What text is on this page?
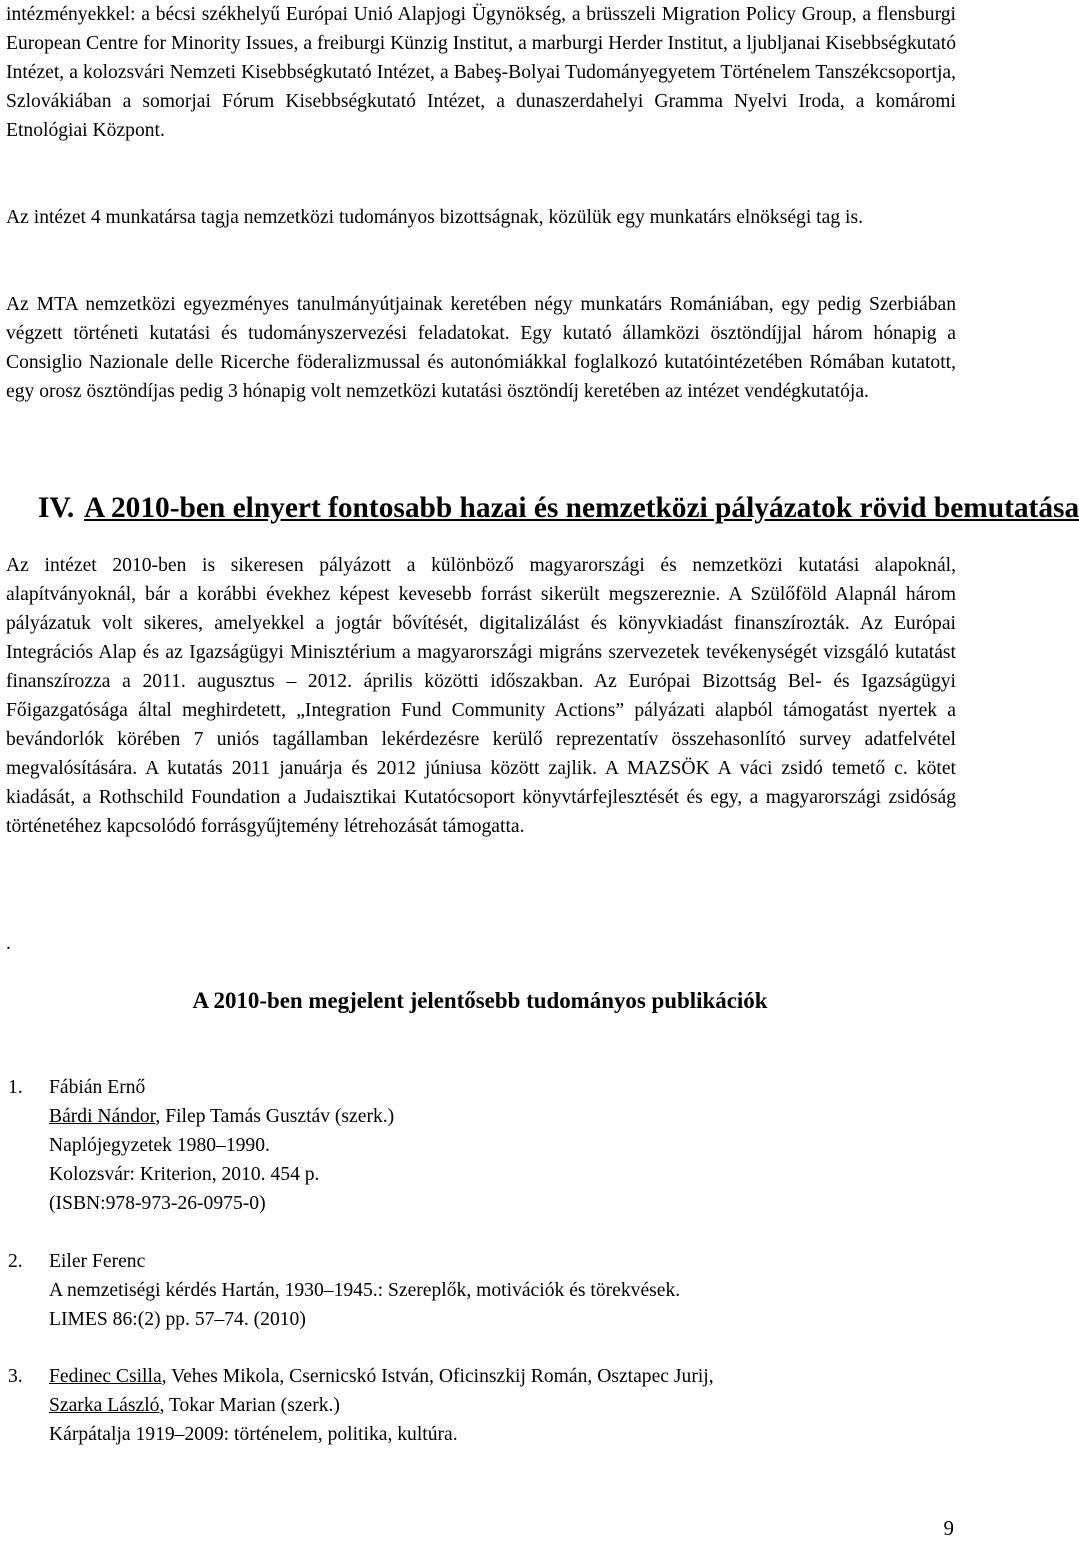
intézményekkel: a bécsi székhelyű Európai Unió Alapjogi Ügynökség, a brüsszeli Migration Policy Group, a flensburgi European Centre for Minority Issues, a freiburgi Künzig Institut, a marburgi Herder Institut, a ljubljanai Kisebbségkutató Intézet, a kolozsvári Nemzeti Kisebbségkutató Intézet, a Babeş-Bolyai Tudományegyetem Történelem Tanszékcsoportja, Szlovákiában a somorjai Fórum Kisebbségkutató Intézet, a dunaszerdahelyi Gramma Nyelvi Iroda, a komáromi Etnológiai Központ.

Az intézet 4 munkatársa tagja nemzetközi tudományos bizottságnak, közülük egy munkatárs elnökségi tag is.

Az MTA nemzetközi egyezményes tanulmányútjainak keretében négy munkatárs Romániában, egy pedig Szerbiában végzett történeti kutatási és tudományszervezési feladatokat. Egy kutató államközi ösztöndíjjal három hónapig a Consiglio Nazionale delle Ricerche föderalizmussal és autonómiákkal foglalkozó kutatóintézetében Rómában kutatott, egy orosz ösztöndíjas pedig 3 hónapig volt nemzetközi kutatási ösztöndíj keretében az intézet vendégkutatója.

IV. A 2010-ben elnyert fontosabb hazai és nemzetközi pályázatok rövid bemutatása

Az intézet 2010-ben is sikeresen pályázott a különböző magyarországi és nemzetközi kutatási alapoknál, alapítványoknál, bár a korábbi évekhez képest kevesebb forrást sikerült megszereznie. A Szülőföld Alapnál három pályázatuk volt sikeres, amelyekkel a jogtár bővítését, digitalizálást és könyvkiadást finanszírozták. Az Európai Integrációs Alap és az Igazságügyi Minisztérium a magyarországi migráns szervezetek tevékenységét vizsgáló kutatást finanszírozza a 2011. augusztus – 2012. április közötti időszakban. Az Európai Bizottság Bel- és Igazságügyi Főigazgatósága által meghirdetett, „Integration Fund Community Actions” pályázati alapból támogatást nyertek a bevándorlók körében 7 uniós tagállamban lekérdezésre kerülő reprezentatív összehasonlító survey adatfelvétel megvalósítására. A kutatás 2011 januárja és 2012 júniusa között zajlik. A MAZSÖK A váci zsidó temető c. kötet kiadását, a Rothschild Foundation a Judaisztikai Kutatócsoport könyvtárfejlesztését és egy, a magyarországi zsidóság történetéhez kapcsolódó forrásgyűjtemény létrehozását támogatta.

.

A 2010-ben megjelent jelentősebb tudományos publikációk
1. Fábián Ernő
Bárdi Nándor, Filep Tamás Gusztáv (szerk.)
Naplójegyzetek 1980–1990.
Kolozsvár: Kriterion, 2010. 454 p.
(ISBN:978-973-26-0975-0)
2. Eiler Ferenc
A nemzetiségi kérdés Hartán, 1930–1945.: Szereplők, motivációk és törekvések.
LIMES 86:(2) pp. 57–74. (2010)
3. Fedinec Csilla, Vehes Mikola, Csernicskó István, Oficinszkij Román, Osztapec Jurij,
Szarka László, Tokar Marian (szerk.)
Kárpátalja 1919–2009: történelem, politika, kultúra.

9
